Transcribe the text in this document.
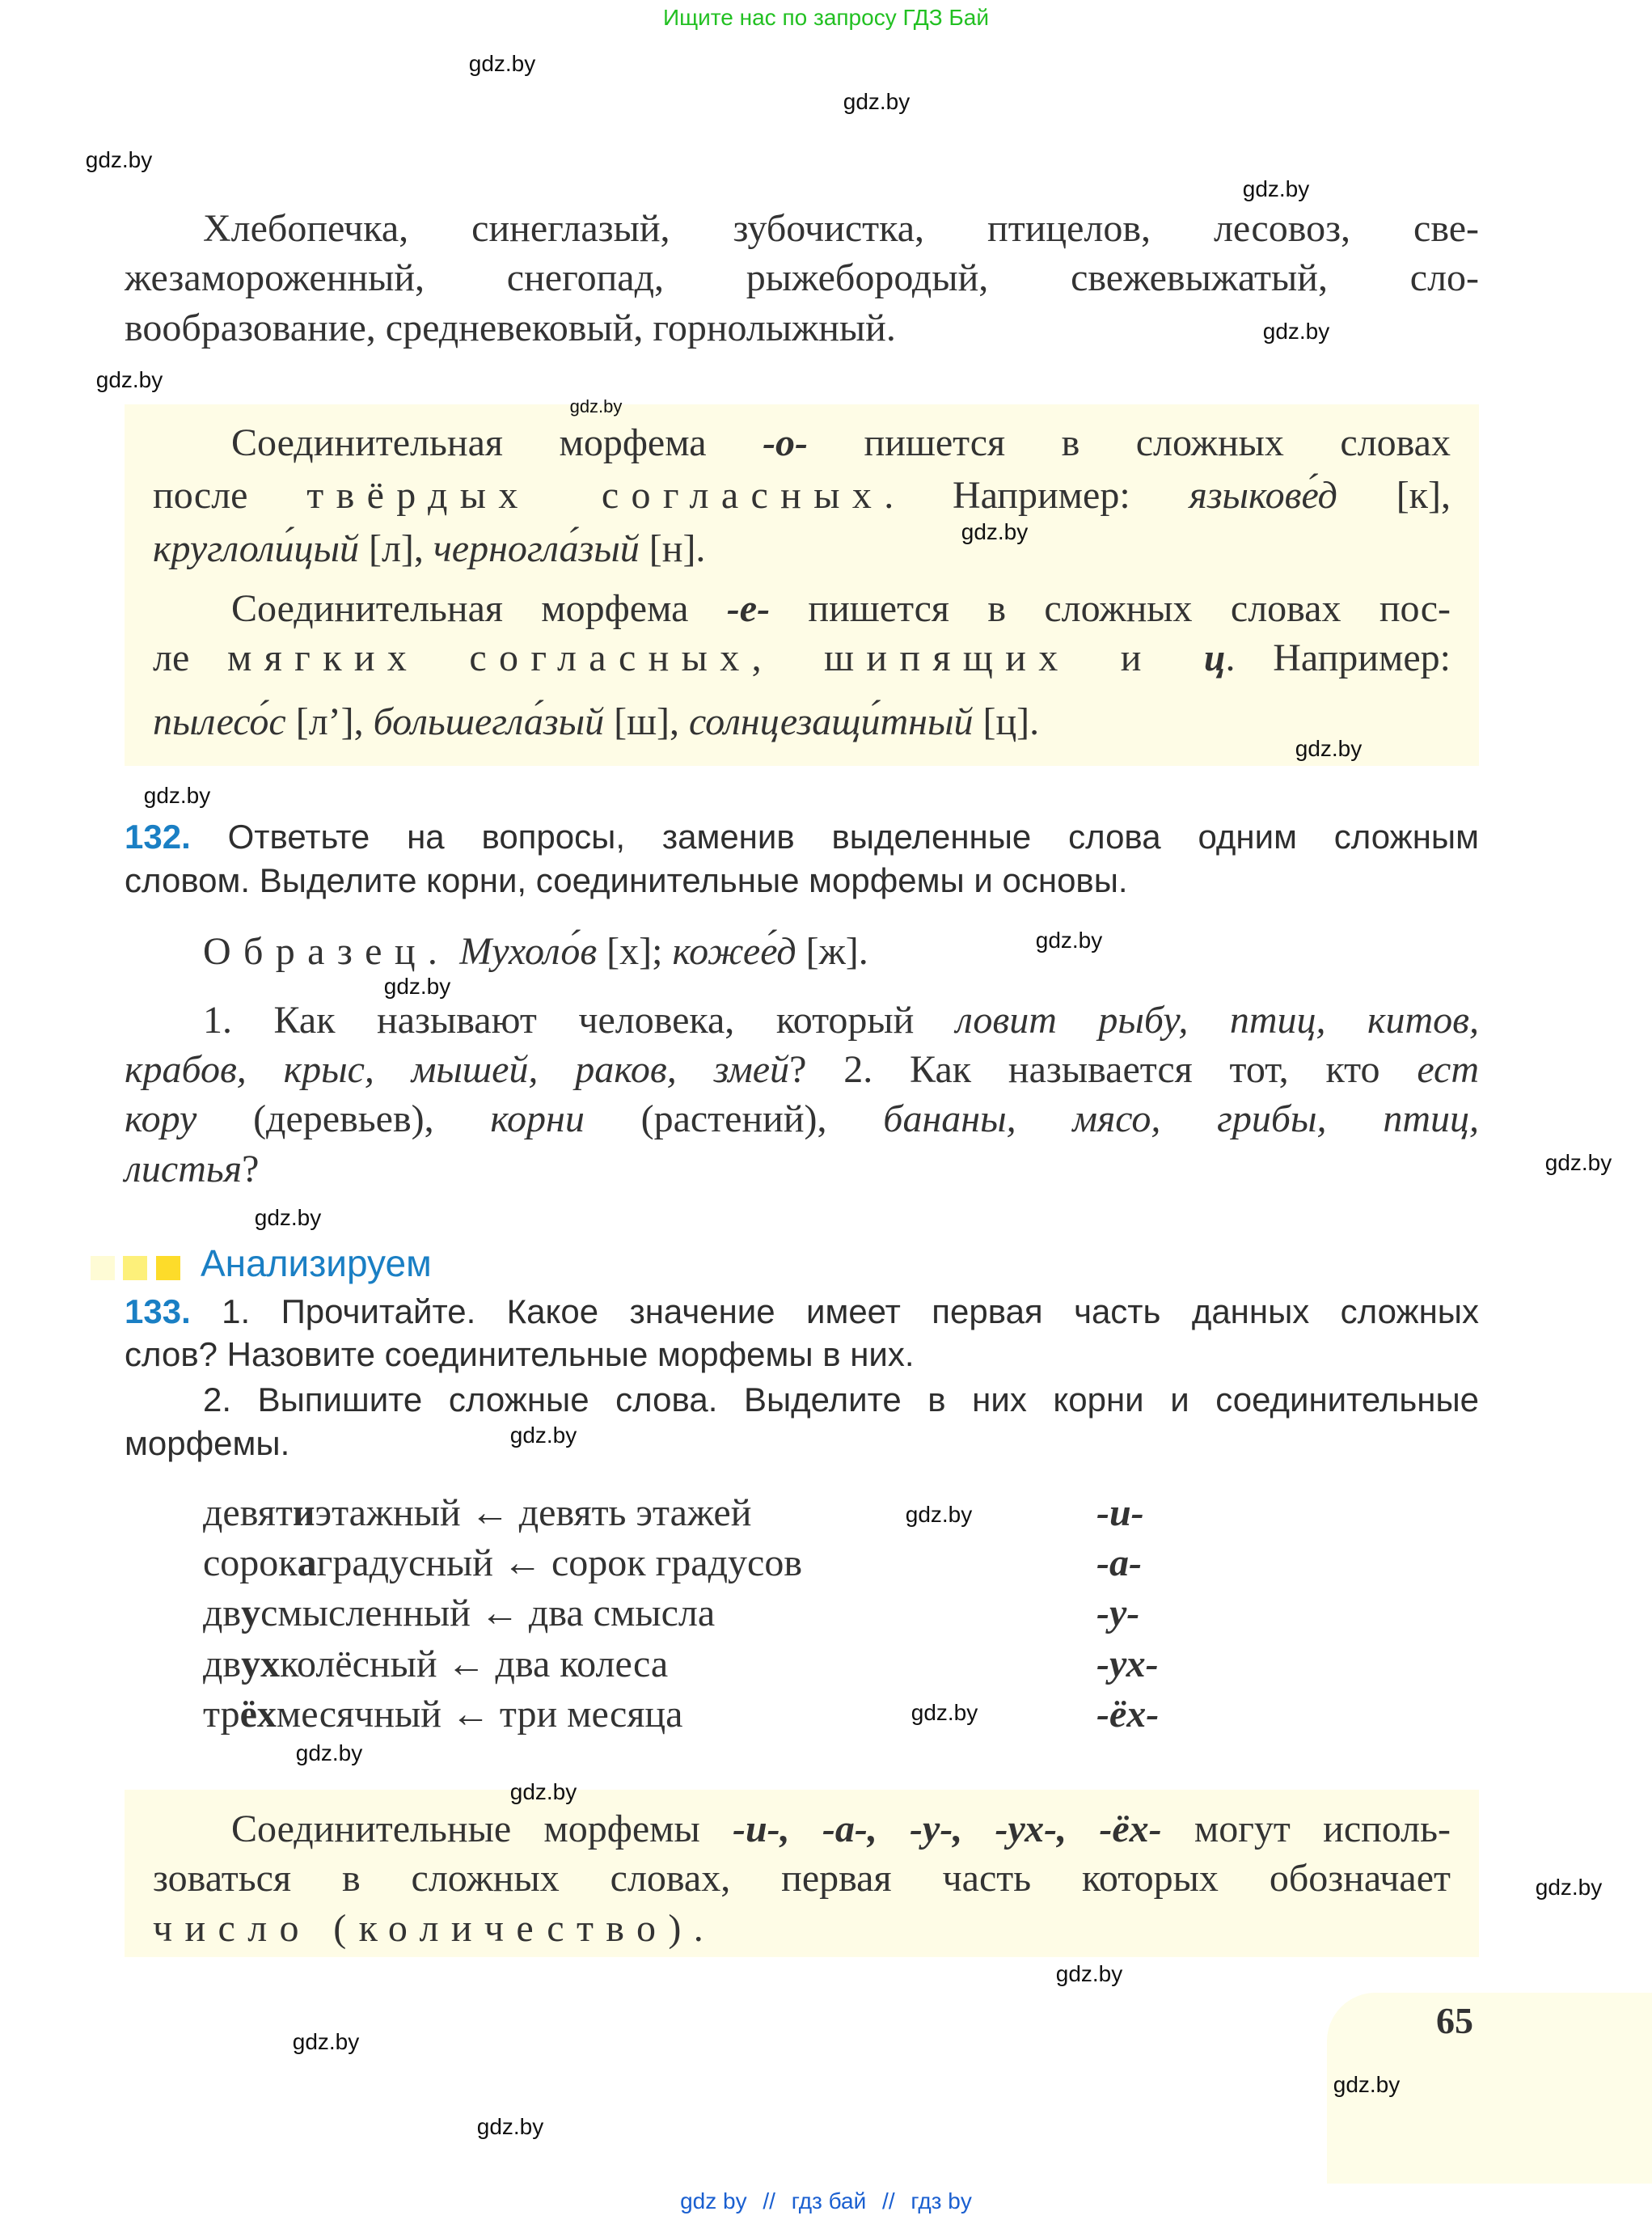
Ищите нас по запросу ГДЗ Бай
Хлебопечка, синеглазый, зубочистка, птицелов, лесовоз, све-
жезамороженный, снегопад, рыжебородый, свежевыжатый, сло-
вообразование, средневековый, горнолыжный.
Соединительная морфема -о- пишется в сложных словах
после твёрдых согласных. Например: языкове́д [к],
круглоли́цый [л], черногла́зый [н].
Соединительная морфема -е- пишется в сложных словах пос-
ле мягких согласных, шипящих и ц. Например:
пылесо́с [л’], большегла́зый [ш], солнцезащи́тный [ц].
132. Ответьте на вопросы, заменив выделенные слова одним сложным
словом. Выделите корни, соединительные морфемы и основы.
Образец. Мухоло́в [х]; кожее́д [ж].
1. Как называют человека, который ловит рыбу, птиц, китов,
крабов, крыс, мышей, раков, змей? 2. Как называется тот, кто ест
кору (деревьев), корни (растений), бананы, мясо, грибы, птиц,
листья?
Анализируем
133. 1. Прочитайте. Какое значение имеет первая часть данных сложных
слов? Назовите соединительные морфемы в них.
2. Выпишите сложные слова. Выделите в них корни и соединительные
морфемы.
девятиэтажный ← девять этажей	-и-
сорокаградусный ← сорок градусов	-а-
двусмысленный ← два смысла	-у-
двухколёсный ← два колеса	-ух-
трёхмесячный ← три месяца	-ёх-
Соединительные морфемы -и-, -а-, -у-, -ух-, -ёх- могут исполь-
зоваться в сложных словах, первая часть которых обозначает
число (количество).
65
gdz.by
gdz.by
gdz.by
gdz.by
gdz.by
gdz.by
gdz.by
gdz.by
gdz.by
gdz.by
gdz.by
gdz.by
gdz.by
gdz.by
gdz.by
gdz.by
gdz.by
gdz.by
gdz.by
gdz.by
gdz.by
gdz.by
gdz.by
gdz.by
gdz by // гдз бай // гдз by
